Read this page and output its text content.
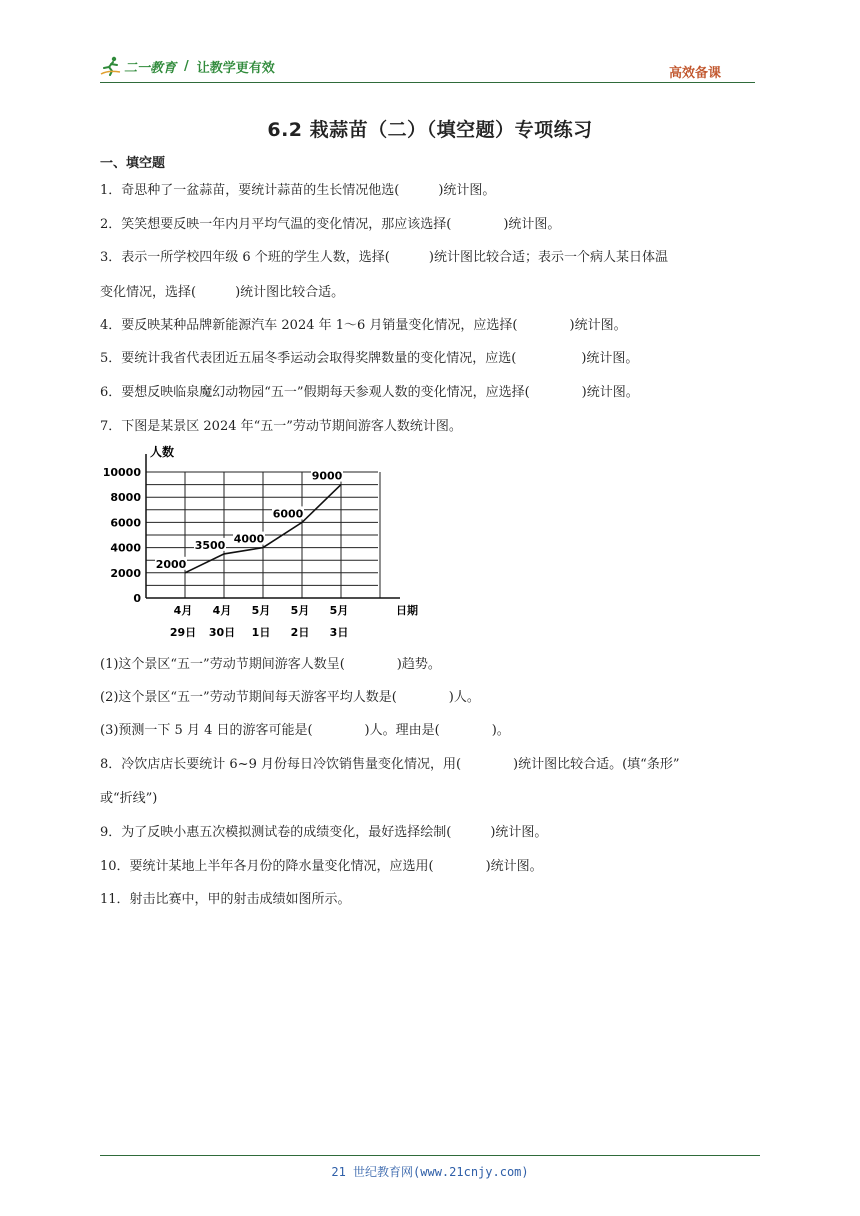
二一教育 / 让教学更有效	高效备课
6.2 栽蒜苗（二）（填空题）专项练习
一、填空题
1．奇思种了一盆蒜苗，要统计蒜苗的生长情况他选(　　　)统计图。
2．笑笑想要反映一年内月平均气温的变化情况，那应该选择(　　　　)统计图。
3．表示一所学校四年级 6 个班的学生人数，选择(　　　)统计图比较合适；表示一个病人某日体温
变化情况，选择(　　　)统计图比较合适。
4．要反映某种品牌新能源汽车 2024 年 1～6 月销量变化情况，应选择(　　　　)统计图。
5．要统计我省代表团近五届冬季运动会取得奖牌数量的变化情况，应选(　　　　　)统计图。
6．要想反映临泉魔幻动物园“五一”假期每天参观人数的变化情况，应选择(　　　　)统计图。
7．下图是某景区 2024 年“五一”劳动节期间游客人数统计图。
人数
日期
0
2000
4000
6000
8000
10000
4月
29日
4月
30日
5月
1日
5月
2日
5月
3日
2000
3500 4000
6000
9000
(1)这个景区“五一”劳动节期间游客人数呈(　　　　)趋势。
(2)这个景区“五一”劳动节期间每天游客平均人数是(　　　　)人。
(3)预测一下 5 月 4 日的游客可能是(　　　　)人。理由是(　　　　)。
8．冷饮店店长要统计 6~9 月份每日冷饮销售量变化情况，用(　　　　)统计图比较合适。(填“条形”
或“折线”)
9．为了反映小惠五次模拟测试卷的成绩变化，最好选择绘制(　　　)统计图。
10．要统计某地上半年各月份的降水量变化情况，应选用(　　　　)统计图。
11．射击比赛中，甲的射击成绩如图所示。
21 世纪教育网(www.21cnjy.com)
